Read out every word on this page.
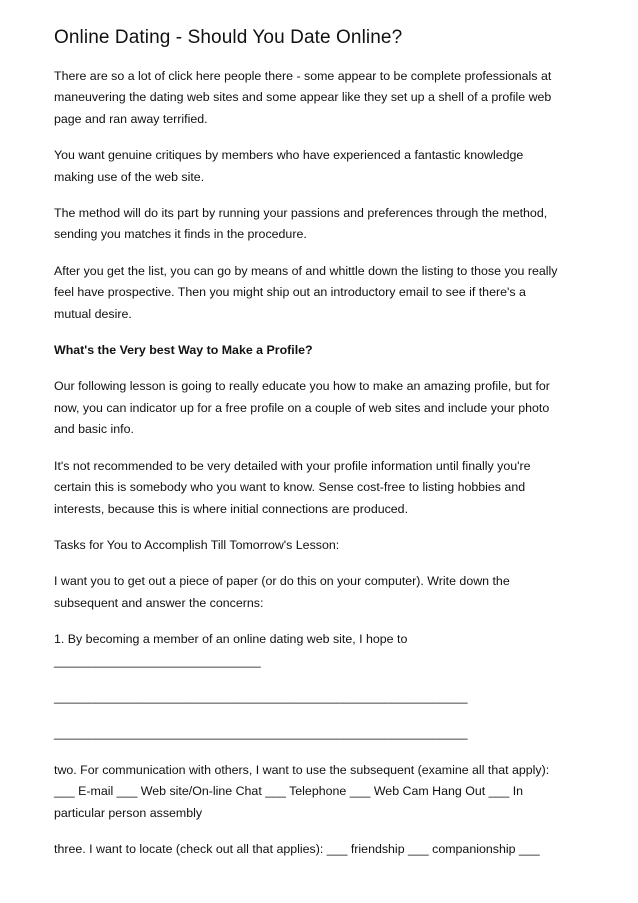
Online Dating - Should You Date Online?
There are so a lot of click here people there - some appear to be complete professionals at
maneuvering the dating web sites and some appear like they set up a shell of a profile web
page and ran away terrified.
You want genuine critiques by members who have experienced a fantastic knowledge
making use of the web site.
The method will do its part by running your passions and preferences through the method,
sending you matches it finds in the procedure.
After you get the list, you can go by means of and whittle down the listing to those you really
feel have prospective. Then you might ship out an introductory email to see if there's a
mutual desire.
What's the Very best Way to Make a Profile?
Our following lesson is going to really educate you how to make an amazing profile, but for
now, you can indicator up for a free profile on a couple of web sites and include your photo
and basic info.
It's not recommended to be very detailed with your profile information until finally you're
certain this is somebody who you want to know. Sense cost-free to listing hobbies and
interests, because this is where initial connections are produced.
Tasks for You to Accomplish Till Tomorrow's Lesson:
I want you to get out a piece of paper (or do this on your computer). Write down the
subsequent and answer the concerns:
1. By becoming a member of an online dating web site, I hope to
______________________________
____________________________________________________________
____________________________________________________________
two. For communication with others, I want to use the subsequent (examine all that apply):
___ E-mail ___ Web site/On-line Chat ___ Telephone ___ Web Cam Hang Out ___ In
particular person assembly
three. I want to locate (check out all that applies): ___ friendship ___ companionship ___
